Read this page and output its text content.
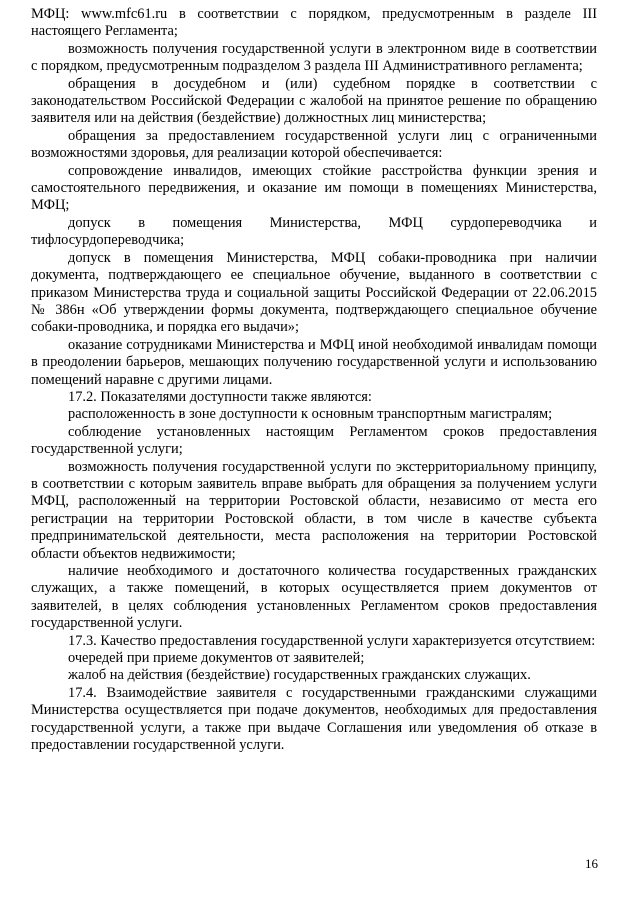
МФЦ: www.mfc61.ru в соответствии с порядком, предусмотренным в разделе III настоящего Регламента;

возможность получения государственной услуги в электронном виде в соответствии с порядком, предусмотренным подразделом 3 раздела III Административного регламента;

обращения в досудебном и (или) судебном порядке в соответствии с законодательством Российской Федерации с жалобой на принятое решение по обращению заявителя или на действия (бездействие) должностных лиц министерства;

обращения за предоставлением государственной услуги лиц с ограниченными возможностями здоровья, для реализации которой обеспечивается:

сопровождение инвалидов, имеющих стойкие расстройства функции зрения и самостоятельного передвижения, и оказание им помощи в помещениях Министерства, МФЦ;

допуск в помещения Министерства, МФЦ сурдопереводчика и тифлосурдопереводчика;

допуск в помещения Министерства, МФЦ собаки-проводника при наличии документа, подтверждающего ее специальное обучение, выданного в соответствии с приказом Министерства труда и социальной защиты Российской Федерации от 22.06.2015 № 386н «Об утверждении формы документа, подтверждающего специальное обучение собаки-проводника, и порядка его выдачи»;

оказание сотрудниками Министерства и МФЦ иной необходимой инвалидам помощи в преодолении барьеров, мешающих получению государственной услуги и использованию помещений наравне с другими лицами.

17.2. Показателями доступности также являются:

расположенность в зоне доступности к основным транспортным магистралям;

соблюдение установленных настоящим Регламентом сроков предоставления государственной услуги;

возможность получения государственной услуги по экстерриториальному принципу, в соответствии с которым заявитель вправе выбрать для обращения за получением услуги МФЦ, расположенный на территории Ростовской области, независимо от места его регистрации на территории Ростовской области, в том числе в качестве субъекта предпринимательской деятельности, места расположения на территории Ростовской области объектов недвижимости;

наличие необходимого и достаточного количества государственных гражданских служащих, а также помещений, в которых осуществляется прием документов от заявителей, в целях соблюдения установленных Регламентом сроков предоставления государственной услуги.

17.3. Качество предоставления государственной услуги характеризуется отсутствием:

очередей при приеме документов от заявителей;

жалоб на действия (бездействие) государственных гражданских служащих.

17.4. Взаимодействие заявителя с государственными гражданскими служащими Министерства осуществляется при подаче документов, необходимых для предоставления государственной услуги, а также при выдаче Соглашения или уведомления об отказе в предоставлении государственной услуги.

16
